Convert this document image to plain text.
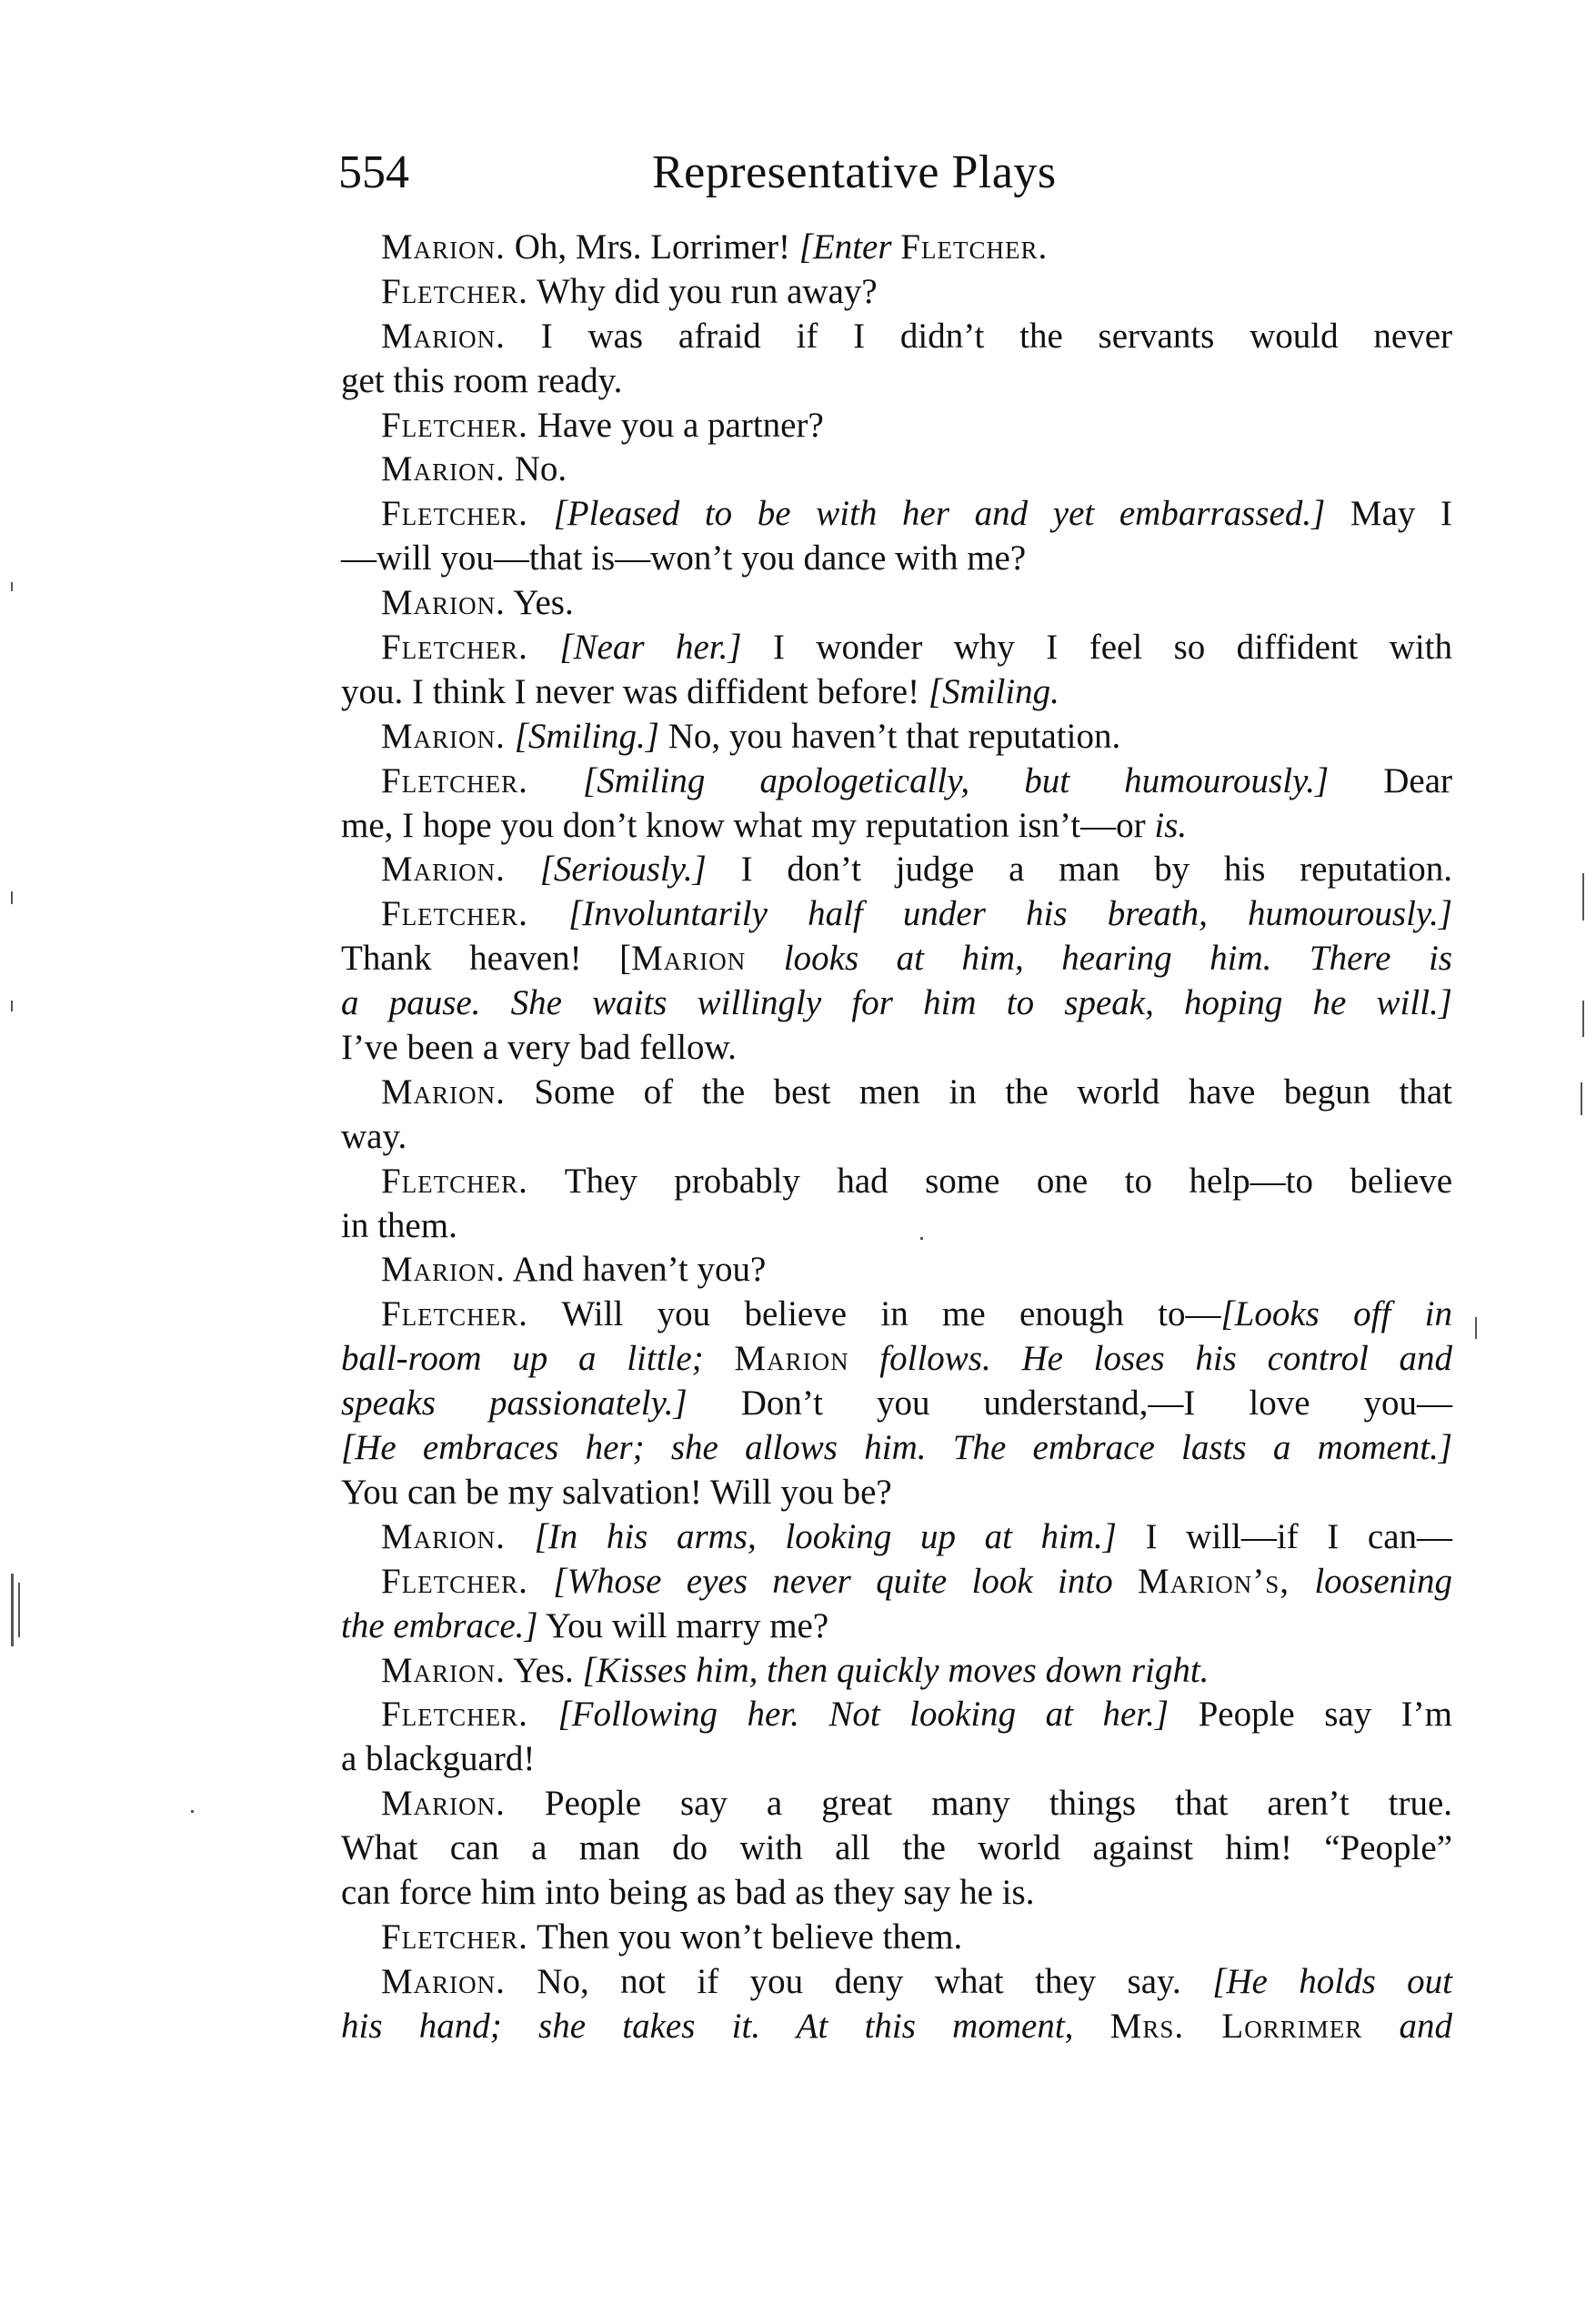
554	Representative Plays
Marion. Oh, Mrs. Lorrimer! [Enter Fletcher.
Fletcher. Why did you run away?
Marion. I was afraid if I didn’t the servants would never
get this room ready.
Fletcher. Have you a partner?
Marion. No.
Fletcher. [Pleased to be with her and yet embarrassed.] May I
—will you—that is—won’t you dance with me?
Marion. Yes.
Fletcher. [Near her.] I wonder why I feel so diffident with
you. I think I never was diffident before! [Smiling.
Marion. [Smiling.] No, you haven’t that reputation.
Fletcher. [Smiling apologetically, but humourously.] Dear
me, I hope you don’t know what my reputation isn’t—or is.
Marion. [Seriously.] I don’t judge a man by his reputation.
Fletcher. [Involuntarily half under his breath, humourously.]
Thank heaven! [Marion looks at him, hearing him. There is
a pause. She waits willingly for him to speak, hoping he will.]
I’ve been a very bad fellow.
Marion. Some of the best men in the world have begun that
way.
Fletcher. They probably had some one to help—to believe
in them.
Marion. And haven’t you?
Fletcher. Will you believe in me enough to—[Looks off in
ball-room up a little; Marion follows. He loses his control and
speaks passionately.] Don’t you understand,—I love you—
[He embraces her; she allows him. The embrace lasts a moment.]
You can be my salvation! Will you be?
Marion. [In his arms, looking up at him.] I will—if I can—
Fletcher. [Whose eyes never quite look into Marion’s, loosening
the embrace.] You will marry me?
Marion. Yes. [Kisses him, then quickly moves down right.
Fletcher. [Following her. Not looking at her.] People say I’m
a blackguard!
Marion. People say a great many things that aren’t true.
What can a man do with all the world against him! “People”
can force him into being as bad as they say he is.
Fletcher. Then you won’t believe them.
Marion. No, not if you deny what they say. [He holds out
his hand; she takes it. At this moment, Mrs. Lorrimer and
